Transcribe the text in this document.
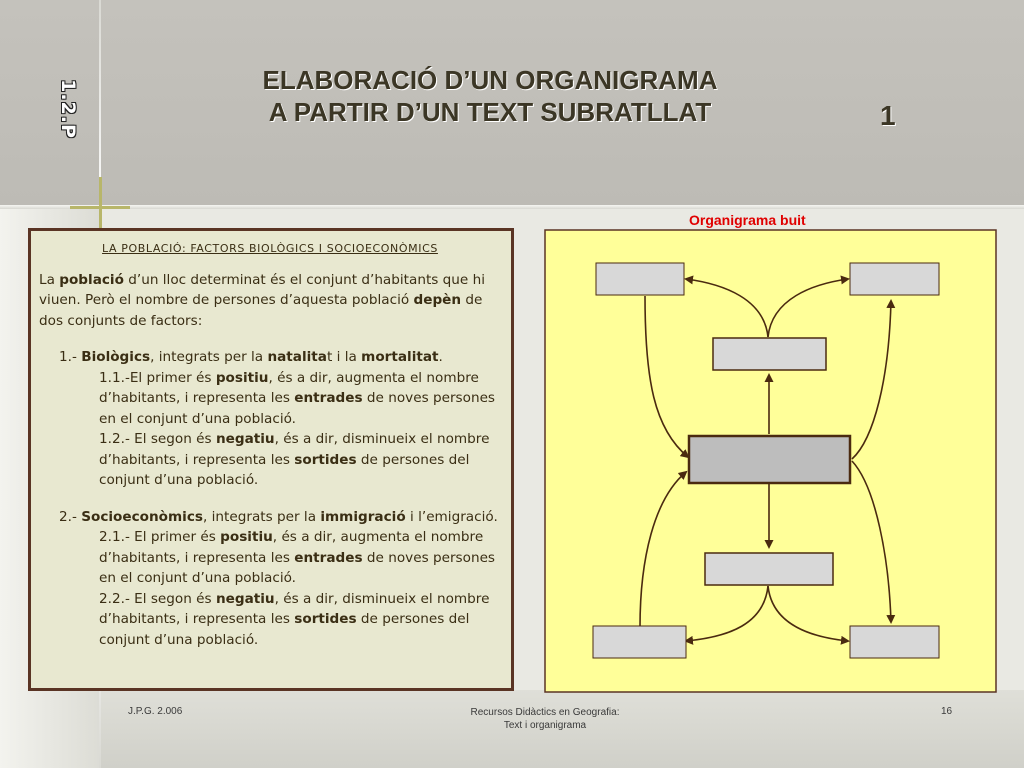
1.2.P	ELABORACIÓ D’UN ORGANIGRAMA
A PARTIR D’UN TEXT SUBRATLLAT	1
LA POBLACIÓ: FACTORS BIOLÒGICS I SOCIOECONÒMICS

La població d’un lloc determinat és el conjunt d’habitants que hi viuen. Però el nombre de persones d’aquesta població depèn de dos conjunts de factors:

1.- Biològics, integrats per la natalitat i la mortalitat.

1.1.-El primer és positiu, és a dir, augmenta el nombre d’habitants, i representa les entrades de noves persones en el conjunt d’una població.

1.2.- El segon és negatiu, és a dir, disminueix el nombre d’habitants, i representa les sortides de persones del conjunt d’una població.

2.- Socioeconòmics, integrats per la immigració i l’emigració.

2.1.- El primer és positiu, és a dir, augmenta el nombre d’habitants, i representa les entrades de noves persones en el conjunt d’una població.

2.2.- El segon és negatiu, és a dir, disminueix el nombre d’habitants, i representa les sortides de persones del conjunt d’una població.

Organigrama buit
J.P.G. 2.006	Recursos Didàctics en Geografia:
Text i organigrama
16
